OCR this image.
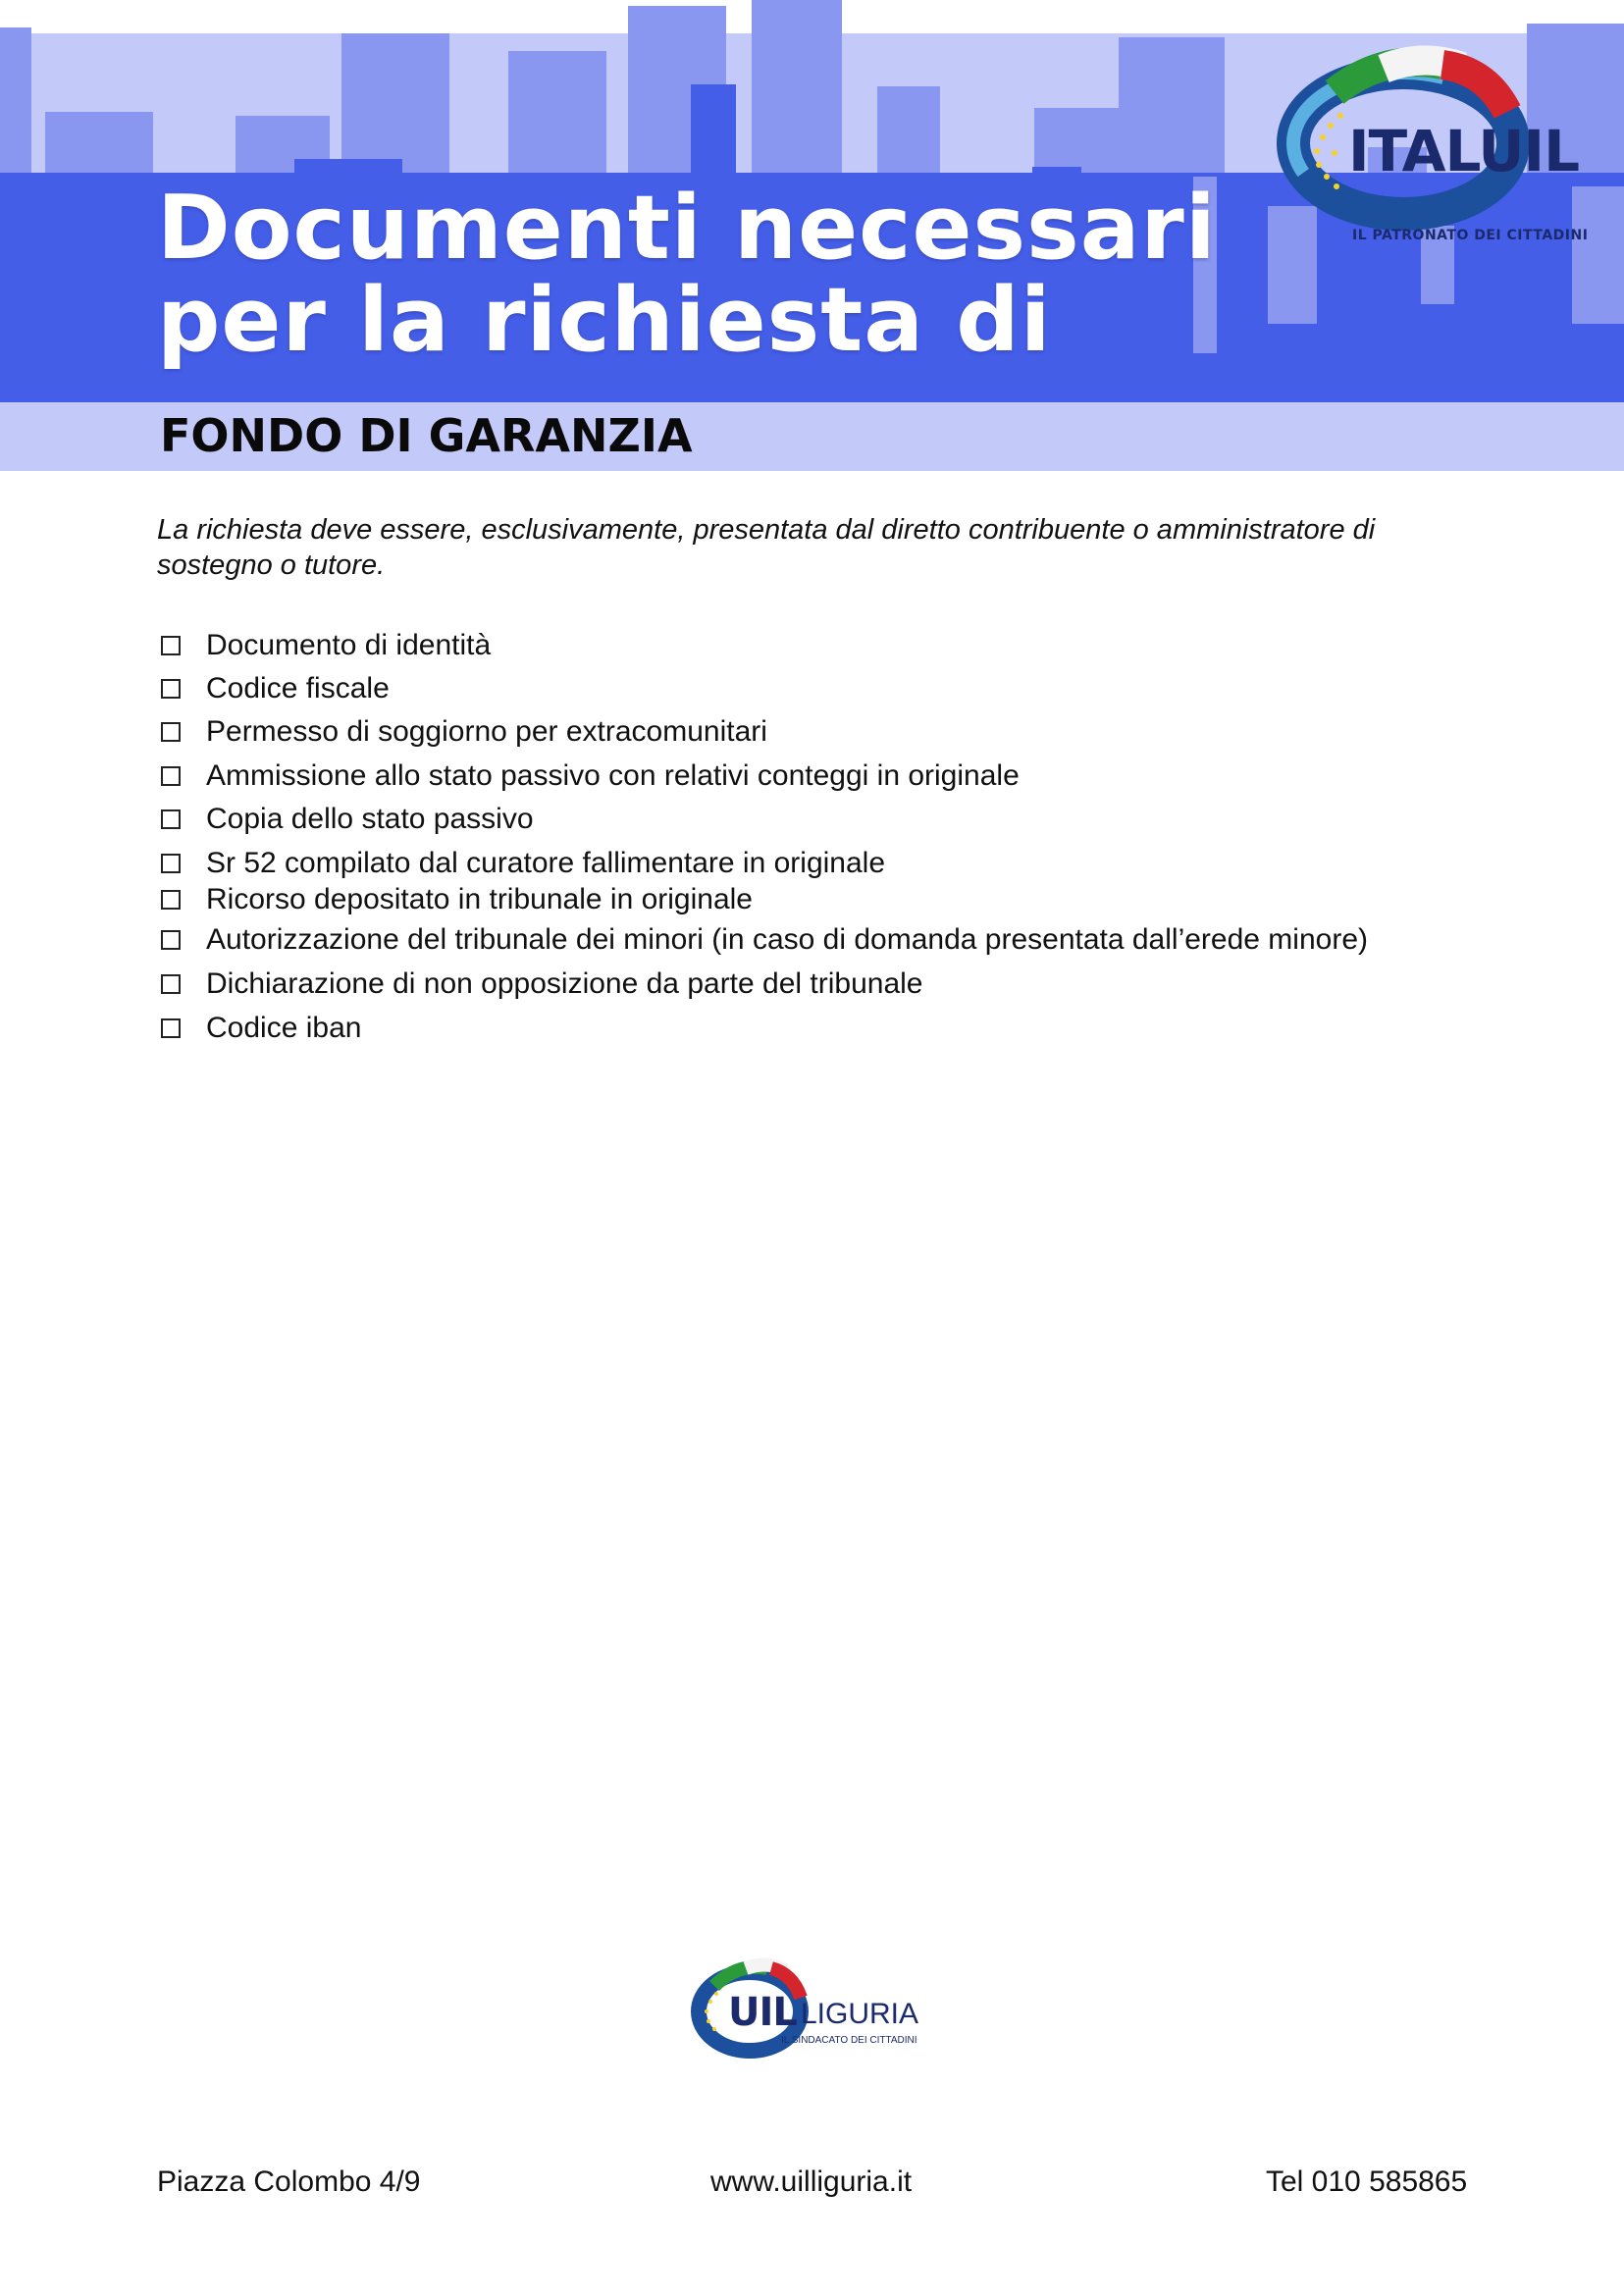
Documenti necessari
per la richiesta di
FONDO DI GARANZIA
ITALUIL
IL PATRONATO DEI CITTADINI

La richiesta deve essere, esclusivamente, presentata dal diretto contribuente o amministratore di sostegno o tutore.

Documento di identità
Codice fiscale
Permesso di soggiorno per extracomunitari
Ammissione allo stato passivo con relativi conteggi in originale
Copia dello stato passivo
Sr 52 compilato dal curatore fallimentare in originale
Ricorso depositato in tribunale in originale
Autorizzazione del tribunale dei minori (in caso di domanda presentata dall’erede minore)
Dichiarazione di non opposizione da parte del tribunale
Codice iban
UIL LIGURIA
IL SINDACATO DEI CITTADINI
Piazza Colombo 4/9	www.uilliguria.it	Tel 010 585865
